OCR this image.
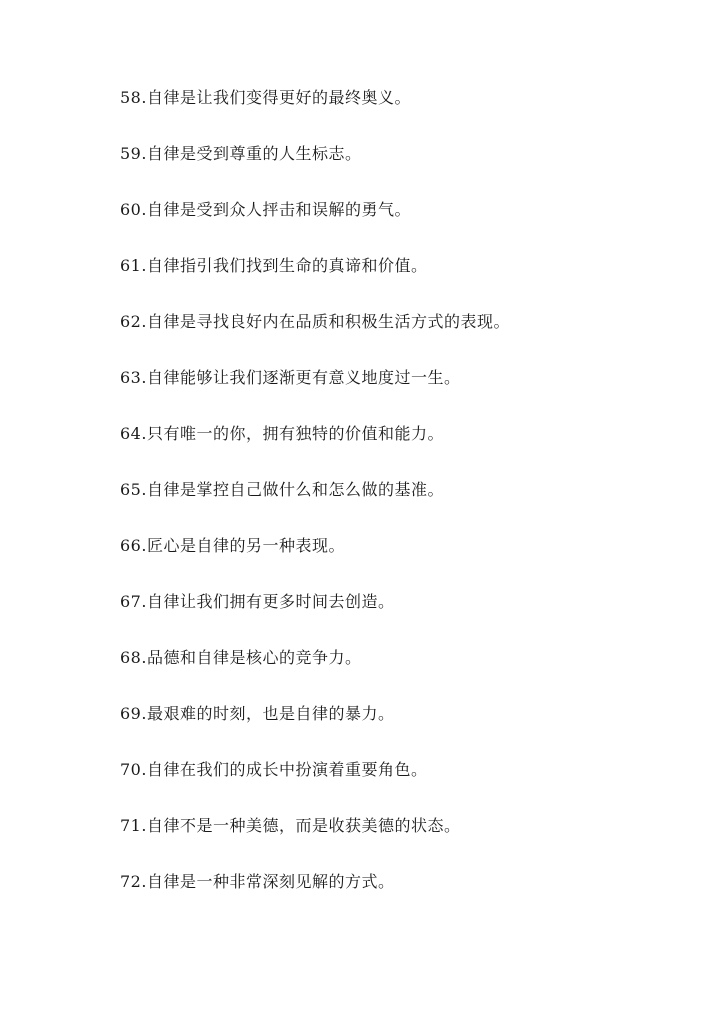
58.自律是让我们变得更好的最终奥义。
59.自律是受到尊重的人生标志。
60.自律是受到众人抨击和误解的勇气。
61.自律指引我们找到生命的真谛和价值。
62.自律是寻找良好内在品质和积极生活方式的表现。
63.自律能够让我们逐渐更有意义地度过一生。
64.只有唯一的你，拥有独特的价值和能力。
65.自律是掌控自己做什么和怎么做的基准。
66.匠心是自律的另一种表现。
67.自律让我们拥有更多时间去创造。
68.品德和自律是核心的竞争力。
69.最艰难的时刻，也是自律的暴力。
70.自律在我们的成长中扮演着重要角色。
71.自律不是一种美德，而是收获美德的状态。
72.自律是一种非常深刻见解的方式。
